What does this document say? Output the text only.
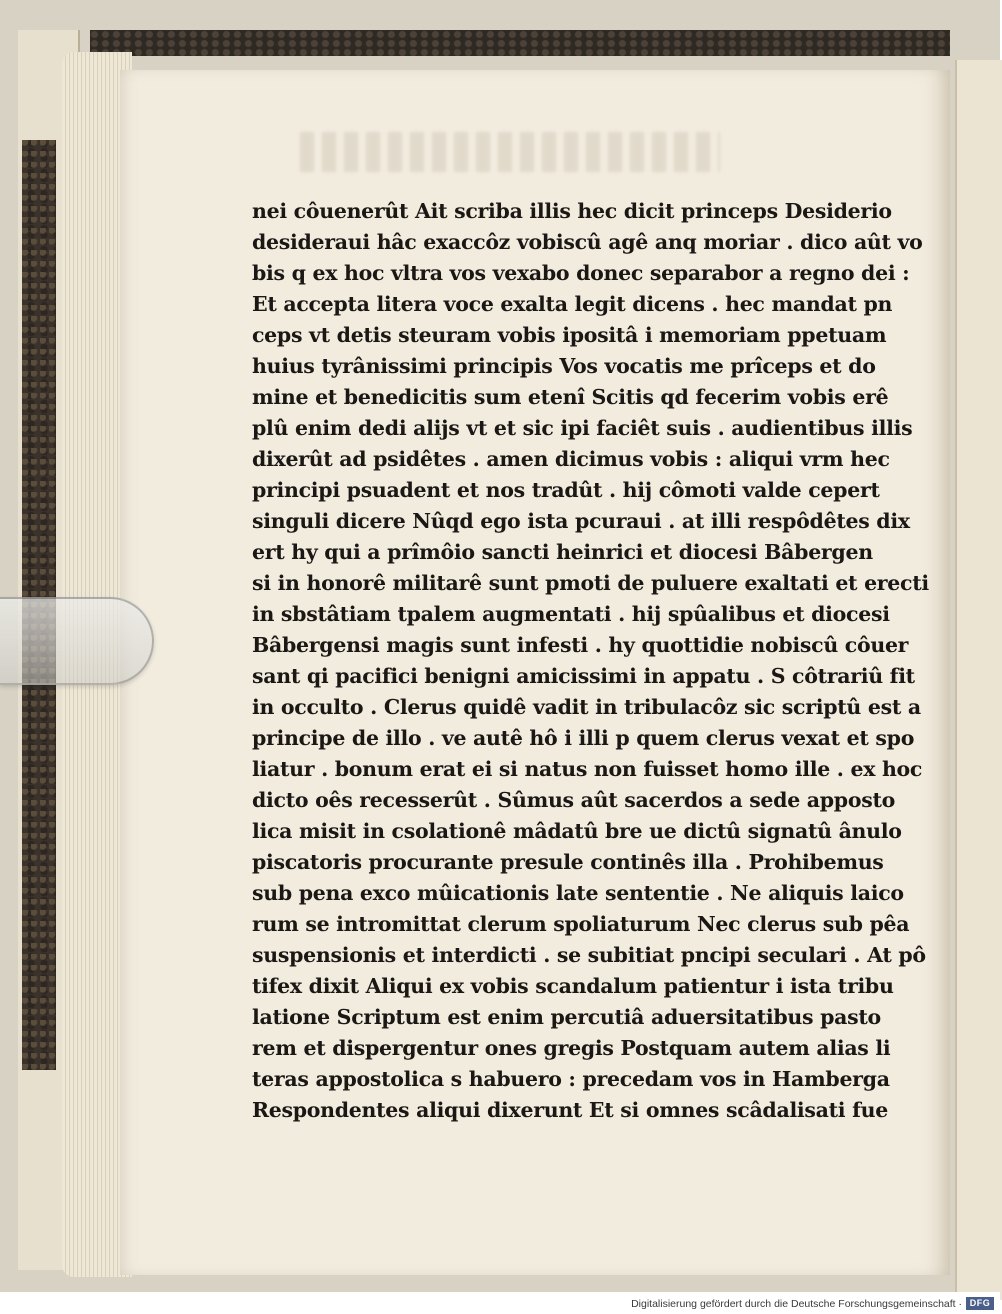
nei côuenerût Ait scriba illis hec dicit princeps Desiderio
desideraui hâc exaccôz vobiscû agê anq moriar . dico aût vo
bis q ex hoc vltra vos vexabo donec separabor a regno dei :
Et accepta litera voce exalta legit dicens . hec mandat pn
ceps vt detis steuram vobis ipositâ i memoriam ppetuam
huius tyrânissimi principis Vos vocatis me prîceps et do
mine et benedicitis sum etenî Scitis qd fecerim vobis erê
plû enim dedi alijs vt et sic ipi faciêt suis . audientibus illis
dixerût ad psidêtes . amen dicimus vobis : aliqui vrm hec
principi psuadent et nos tradût . hij cômoti valde cepert
singuli dicere Nûqd ego ista pcuraui . at illi respôdêtes dix
ert hy qui a prîmôio sancti heinrici et diocesi Bâbergen
si in honorê militarê sunt pmoti de puluere exaltati et erecti
in sbstâtiam tpalem augmentati . hij spûalibus et diocesi
Bâbergensi magis sunt infesti . hy quottidie nobiscû côuer
sant qi pacifici benigni amicissimi in appatu . S côtrariû fit
in occulto . Clerus quidê vadit in tribulacôz sic scriptû est a
principe de illo . ve autê hô i illi p quem clerus vexat et spo
liatur . bonum erat ei si natus non fuisset homo ille . ex hoc
dicto oês recesserût . Sûmus aût sacerdos a sede apposto
lica misit in csolationê mâdatû bre ue dictû signatû ânulo
piscatoris procurante presule continês illa . Prohibemus
sub pena exco mûicationis late sententie . Ne aliquis laico
rum se intromittat clerum spoliaturum Nec clerus sub pêa
suspensionis et interdicti . se subitiat pncipi seculari . At pô
tifex dixit Aliqui ex vobis scandalum patientur i ista tribu
latione Scriptum est enim percutiâ aduersitatibus pasto
rem et dispergentur ones gregis Postquam autem alias li
teras appostolica s habuero : precedam vos in Hamberga
Respondentes aliqui dixerunt Et si omnes scâdalisati fue
Digitalisierung gefördert durch die Deutsche Forschungsgemeinschaft · DFG
